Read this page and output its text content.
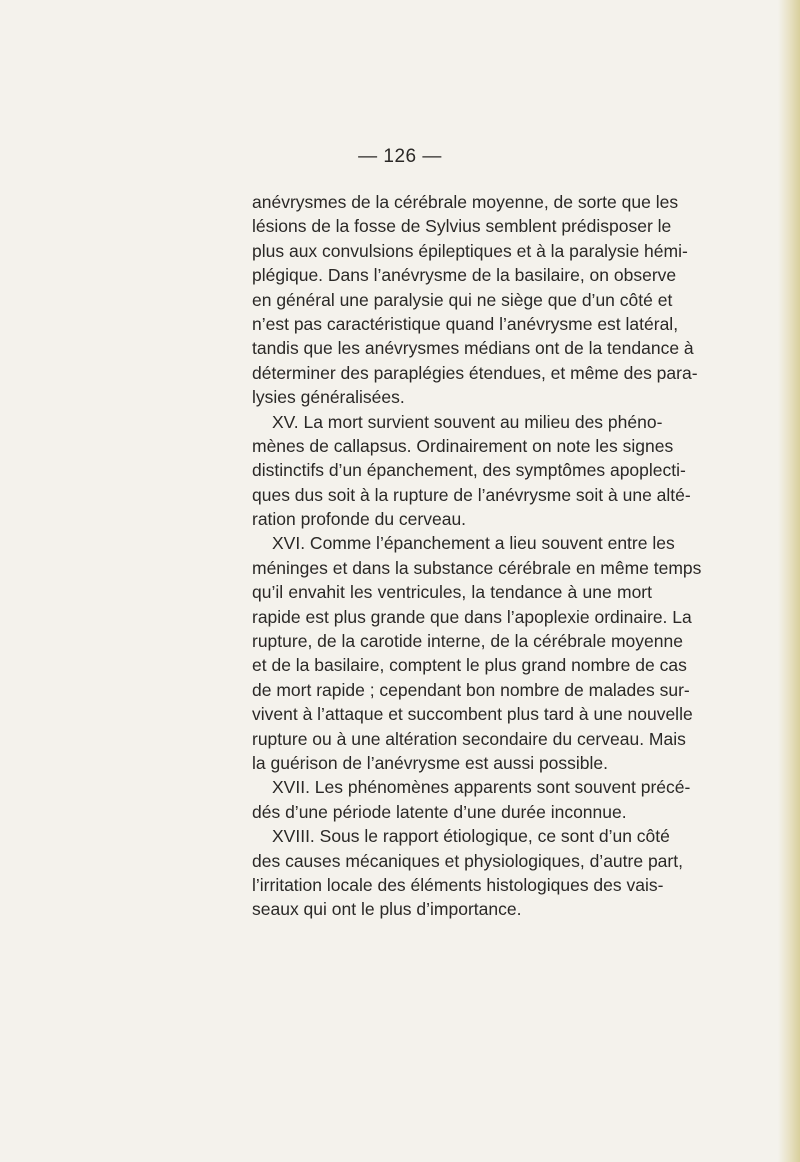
— 126 —
anévrysmes de la cérébrale moyenne, de sorte que les
lésions de la fosse de Sylvius semblent prédisposer le
plus aux convulsions épileptiques et à la paralysie hémi-
plégique. Dans l’anévrysme de la basilaire, on observe
en général une paralysie qui ne siège que d’un côté et
n’est pas caractéristique quand l’anévrysme est latéral,
tandis que les anévrysmes médians ont de la tendance à
déterminer des paraplégies étendues, et même des para-
lysies généralisées.
XV. La mort survient souvent au milieu des phéno-
mènes de callapsus. Ordinairement on note les signes
distinctifs d’un épanchement, des symptômes apoplecti-
ques dus soit à la rupture de l’anévrysme soit à une alté-
ration profonde du cerveau.
XVI. Comme l’épanchement a lieu souvent entre les
méninges et dans la substance cérébrale en même temps
qu’il envahit les ventricules, la tendance à une mort
rapide est plus grande que dans l’apoplexie ordinaire. La
rupture, de la carotide interne, de la cérébrale moyenne
et de la basilaire, comptent le plus grand nombre de cas
de mort rapide ; cependant bon nombre de malades sur-
vivent à l’attaque et succombent plus tard à une nouvelle
rupture ou à une altération secondaire du cerveau. Mais
la guérison de l’anévrysme est aussi possible.
XVII. Les phénomènes apparents sont souvent précé-
dés d’une période latente d’une durée inconnue.
XVIII. Sous le rapport étiologique, ce sont d’un côté
des causes mécaniques et physiologiques, d’autre part,
l’irritation locale des éléments histologiques des vais-
seaux qui ont le plus d’importance.
